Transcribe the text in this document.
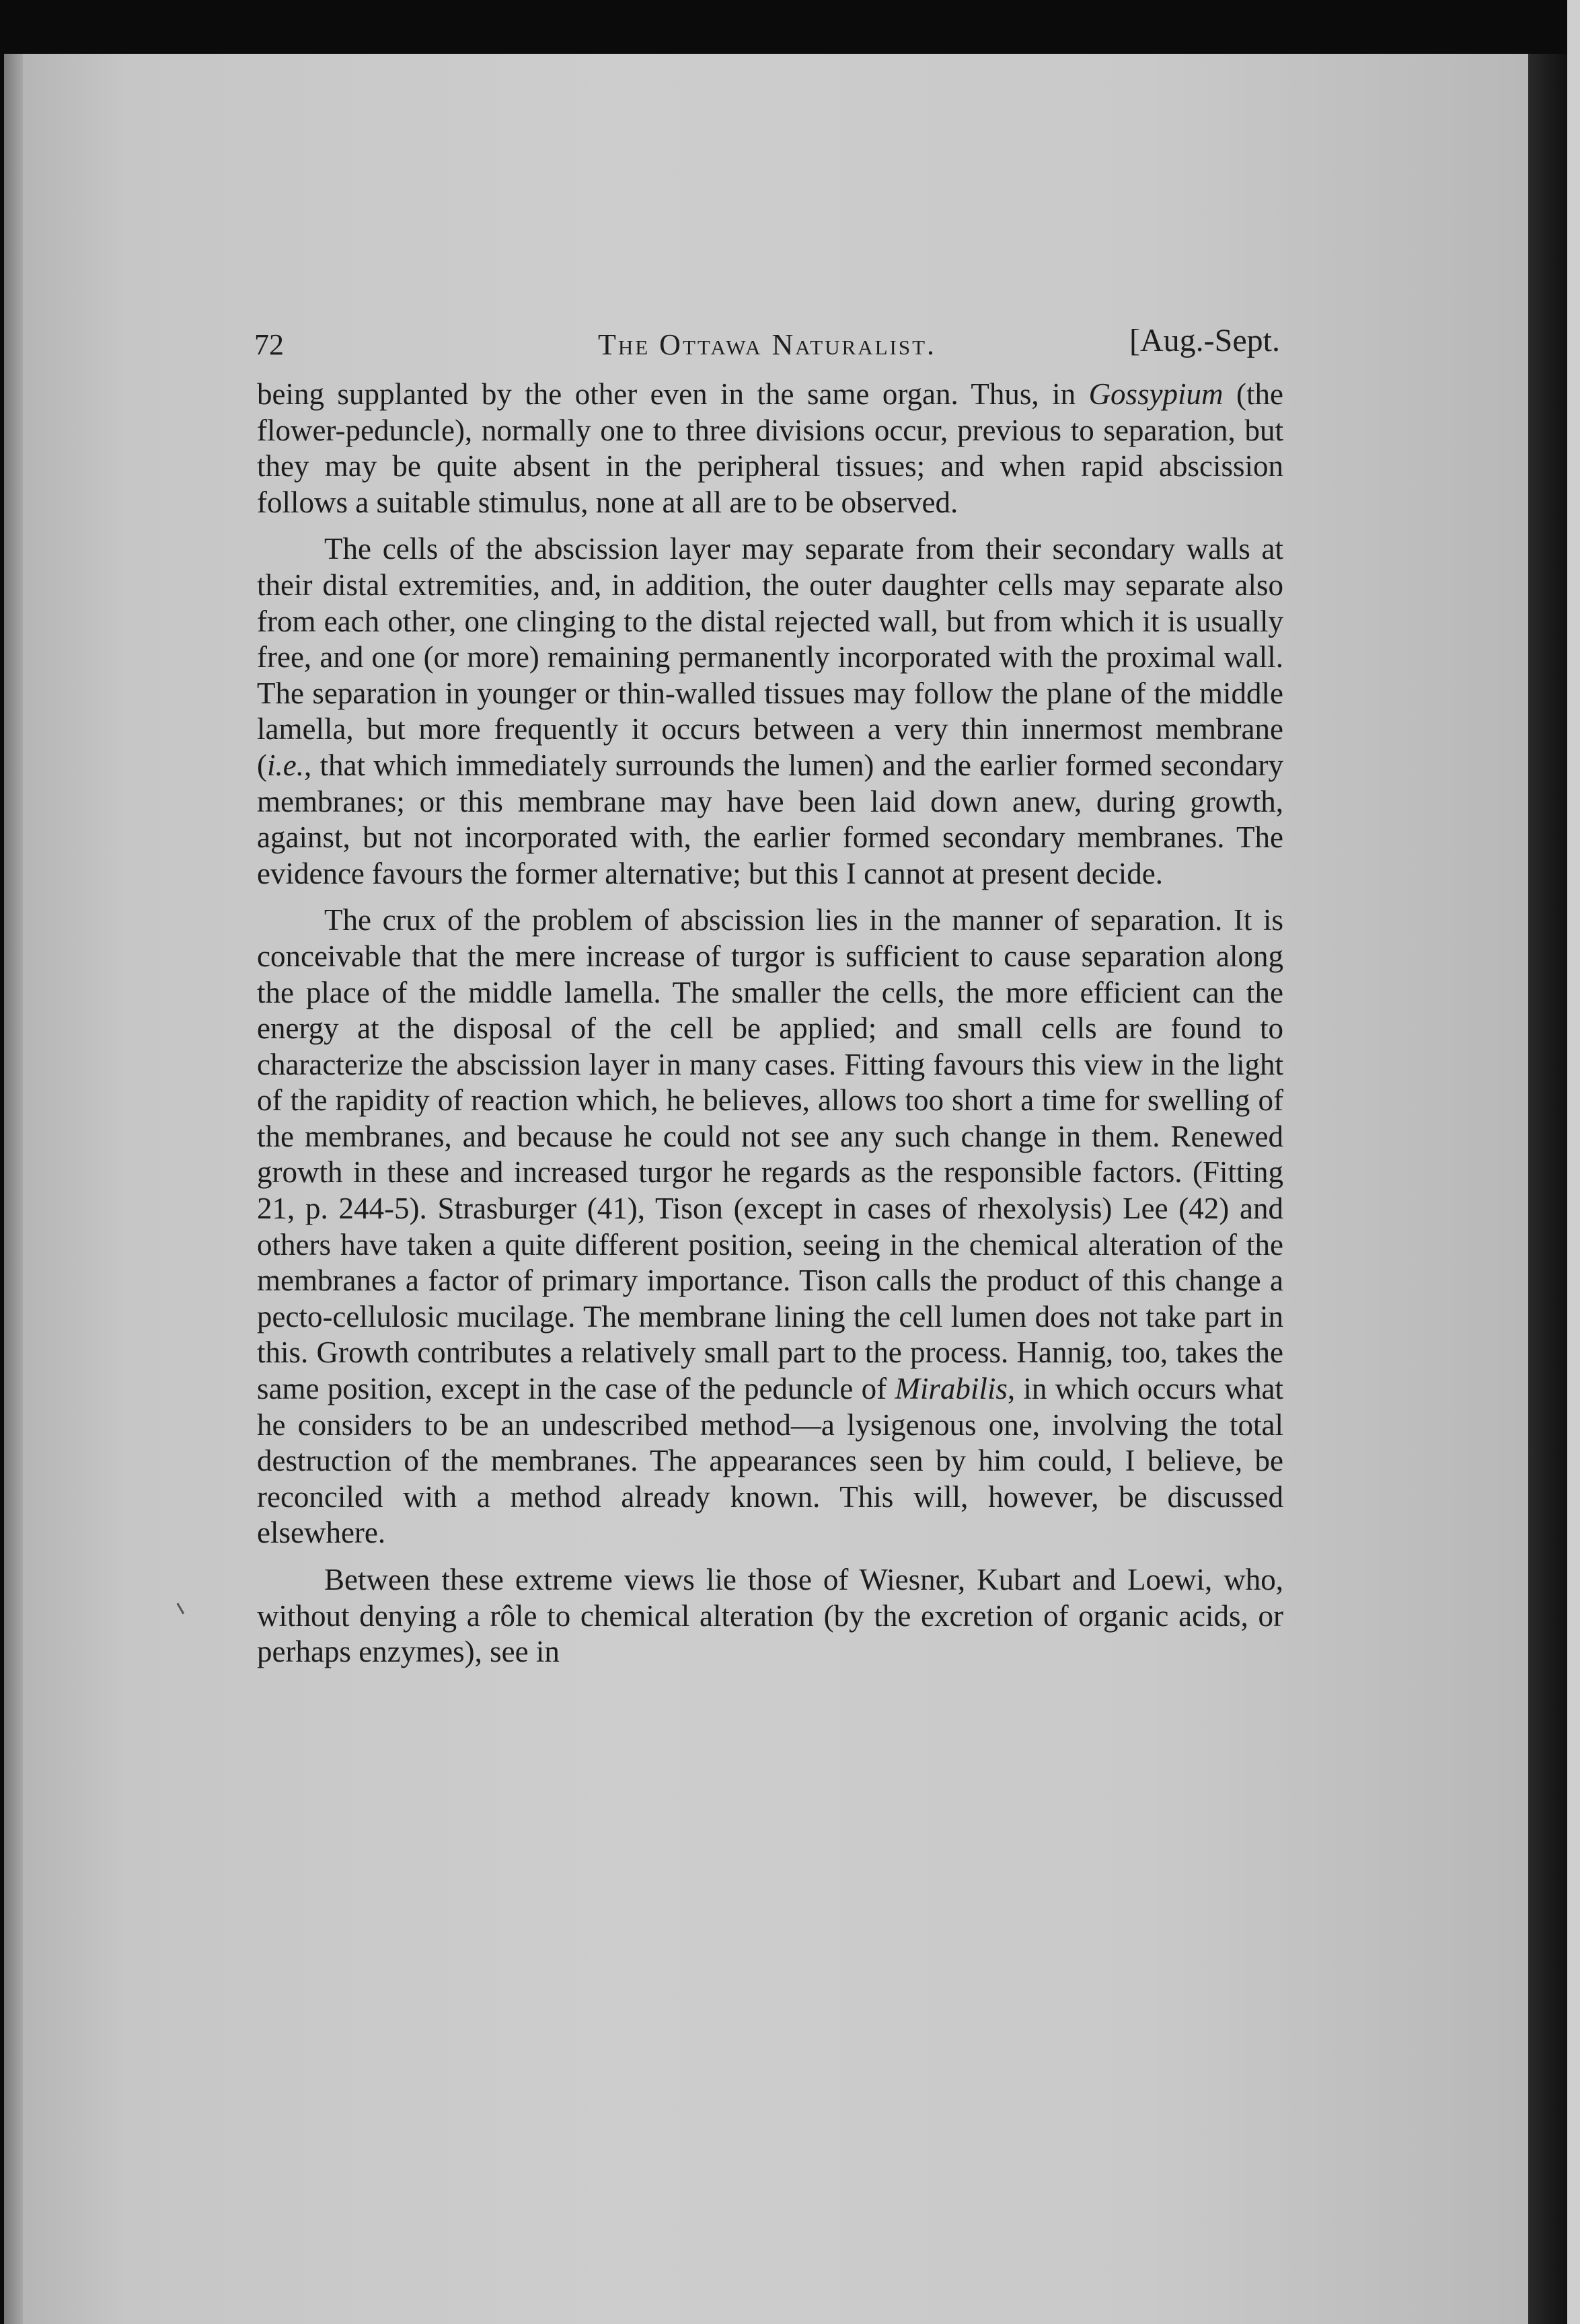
72	The Ottawa Naturalist.	[Aug.-Sept.

being supplanted by the other even in the same organ. Thus, in Gossypium (the flower-peduncle), normally one to three divisions occur, previous to separation, but they may be quite absent in the peripheral tissues; and when rapid abscission follows a suitable stimulus, none at all are to be observed.

The cells of the abscission layer may separate from their secondary walls at their distal extremities, and, in addition, the outer daughter cells may separate also from each other, one clinging to the distal rejected wall, but from which it is usually free, and one (or more) remaining permanently incorporated with the proximal wall. The separation in younger or thin-walled tissues may follow the plane of the middle lamella, but more frequently it occurs between a very thin innermost membrane (i.e., that which immediately surrounds the lumen) and the earlier formed secondary membranes; or this membrane may have been laid down anew, during growth, against, but not incorporated with, the earlier formed secondary membranes. The evidence favours the former alternative; but this I cannot at present decide.

The crux of the problem of abscission lies in the manner of separation. It is conceivable that the mere increase of turgor is sufficient to cause separation along the place of the middle lamella. The smaller the cells, the more efficient can the energy at the disposal of the cell be applied; and small cells are found to characterize the abscission layer in many cases. Fitting favours this view in the light of the rapidity of reaction which, he believes, allows too short a time for swelling of the membranes, and because he could not see any such change in them. Renewed growth in these and increased turgor he regards as the responsible factors. (Fitting 21, p. 244-5). Strasburger (41), Tison (except in cases of rhexolysis) Lee (42) and others have taken a quite different position, seeing in the chemical alteration of the membranes a factor of primary importance. Tison calls the product of this change a pecto-cellulosic mucilage. The membrane lining the cell lumen does not take part in this. Growth contributes a relatively small part to the process. Hannig, too, takes the same position, except in the case of the peduncle of Mirabilis, in which occurs what he considers to be an undescribed method—a lysigenous one, involving the total destruction of the membranes. The appearances seen by him could, I believe, be reconciled with a method already known. This will, however, be discussed elsewhere.

Between these extreme views lie those of Wiesner, Kubart and Loewi, who, without denying a rôle to chemical alteration (by the excretion of organic acids, or perhaps enzymes), see in
